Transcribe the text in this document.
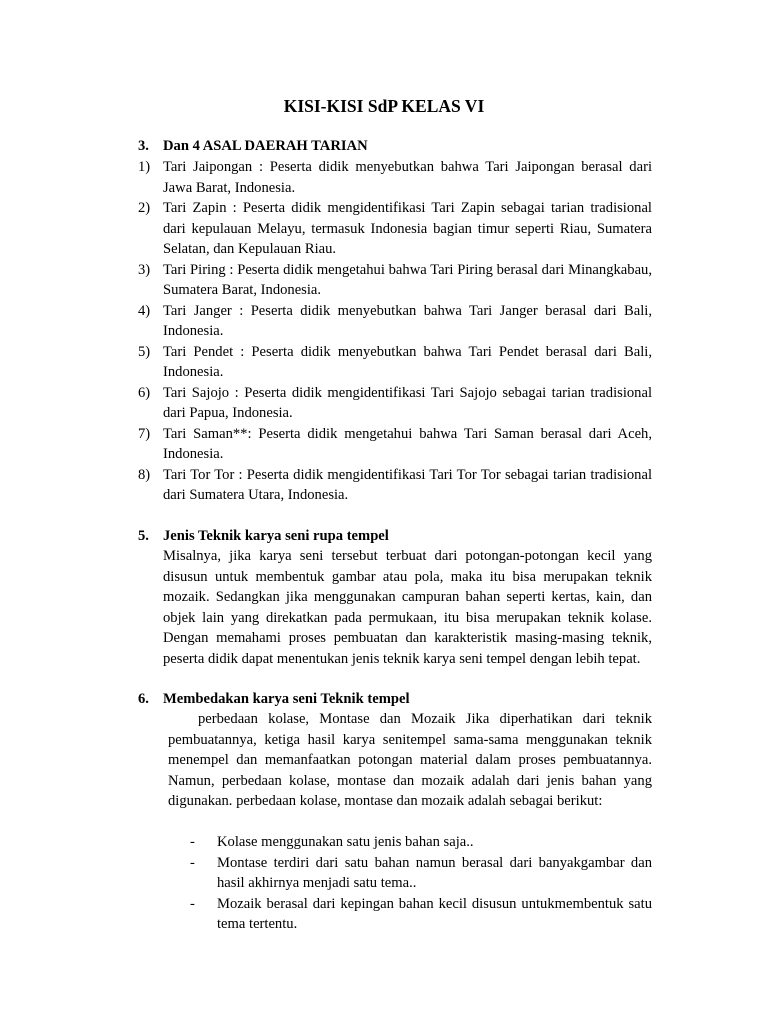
KISI-KISI SdP KELAS VI
3. Dan 4 ASAL DAERAH TARIAN
1) Tari Jaipongan : Peserta didik menyebutkan bahwa Tari Jaipongan berasal dari Jawa Barat, Indonesia.
2) Tari Zapin : Peserta didik mengidentifikasi Tari Zapin sebagai tarian tradisional dari kepulauan Melayu, termasuk Indonesia bagian timur seperti Riau, Sumatera Selatan, dan Kepulauan Riau.
3) Tari Piring : Peserta didik mengetahui bahwa Tari Piring berasal dari Minangkabau, Sumatera Barat, Indonesia.
4) Tari Janger : Peserta didik menyebutkan bahwa Tari Janger berasal dari Bali, Indonesia.
5) Tari Pendet : Peserta didik menyebutkan bahwa Tari Pendet berasal dari Bali, Indonesia.
6) Tari Sajojo : Peserta didik mengidentifikasi Tari Sajojo sebagai tarian tradisional dari Papua, Indonesia.
7) Tari Saman**: Peserta didik mengetahui bahwa Tari Saman berasal dari Aceh, Indonesia.
8) Tari Tor Tor : Peserta didik mengidentifikasi Tari Tor Tor sebagai tarian tradisional dari Sumatera Utara, Indonesia.
5. Jenis Teknik karya seni rupa tempel
Misalnya, jika karya seni tersebut terbuat dari potongan-potongan kecil yang disusun untuk membentuk gambar atau pola, maka itu bisa merupakan teknik mozaik. Sedangkan jika menggunakan campuran bahan seperti kertas, kain, dan objek lain yang direkatkan pada permukaan, itu bisa merupakan teknik kolase. Dengan memahami proses pembuatan dan karakteristik masing-masing teknik, peserta didik dapat menentukan jenis teknik karya seni tempel dengan lebih tepat.
6. Membedakan karya seni Teknik tempel
perbedaan kolase, Montase dan Mozaik Jika diperhatikan dari teknik pembuatannya, ketiga hasil karya senitempel sama-sama menggunakan teknik menempel dan memanfaatkan potongan material dalam proses pembuatannya. Namun, perbedaan kolase, montase dan mozaik adalah dari jenis bahan yang digunakan. perbedaan kolase, montase dan mozaik adalah sebagai berikut:
-	Kolase menggunakan satu jenis bahan saja..
-	Montase terdiri dari satu bahan namun berasal dari banyakgambar dan hasil akhirnya menjadi satu tema..
-	Mozaik berasal dari kepingan bahan kecil disusun untukmembentuk satu tema tertentu.
